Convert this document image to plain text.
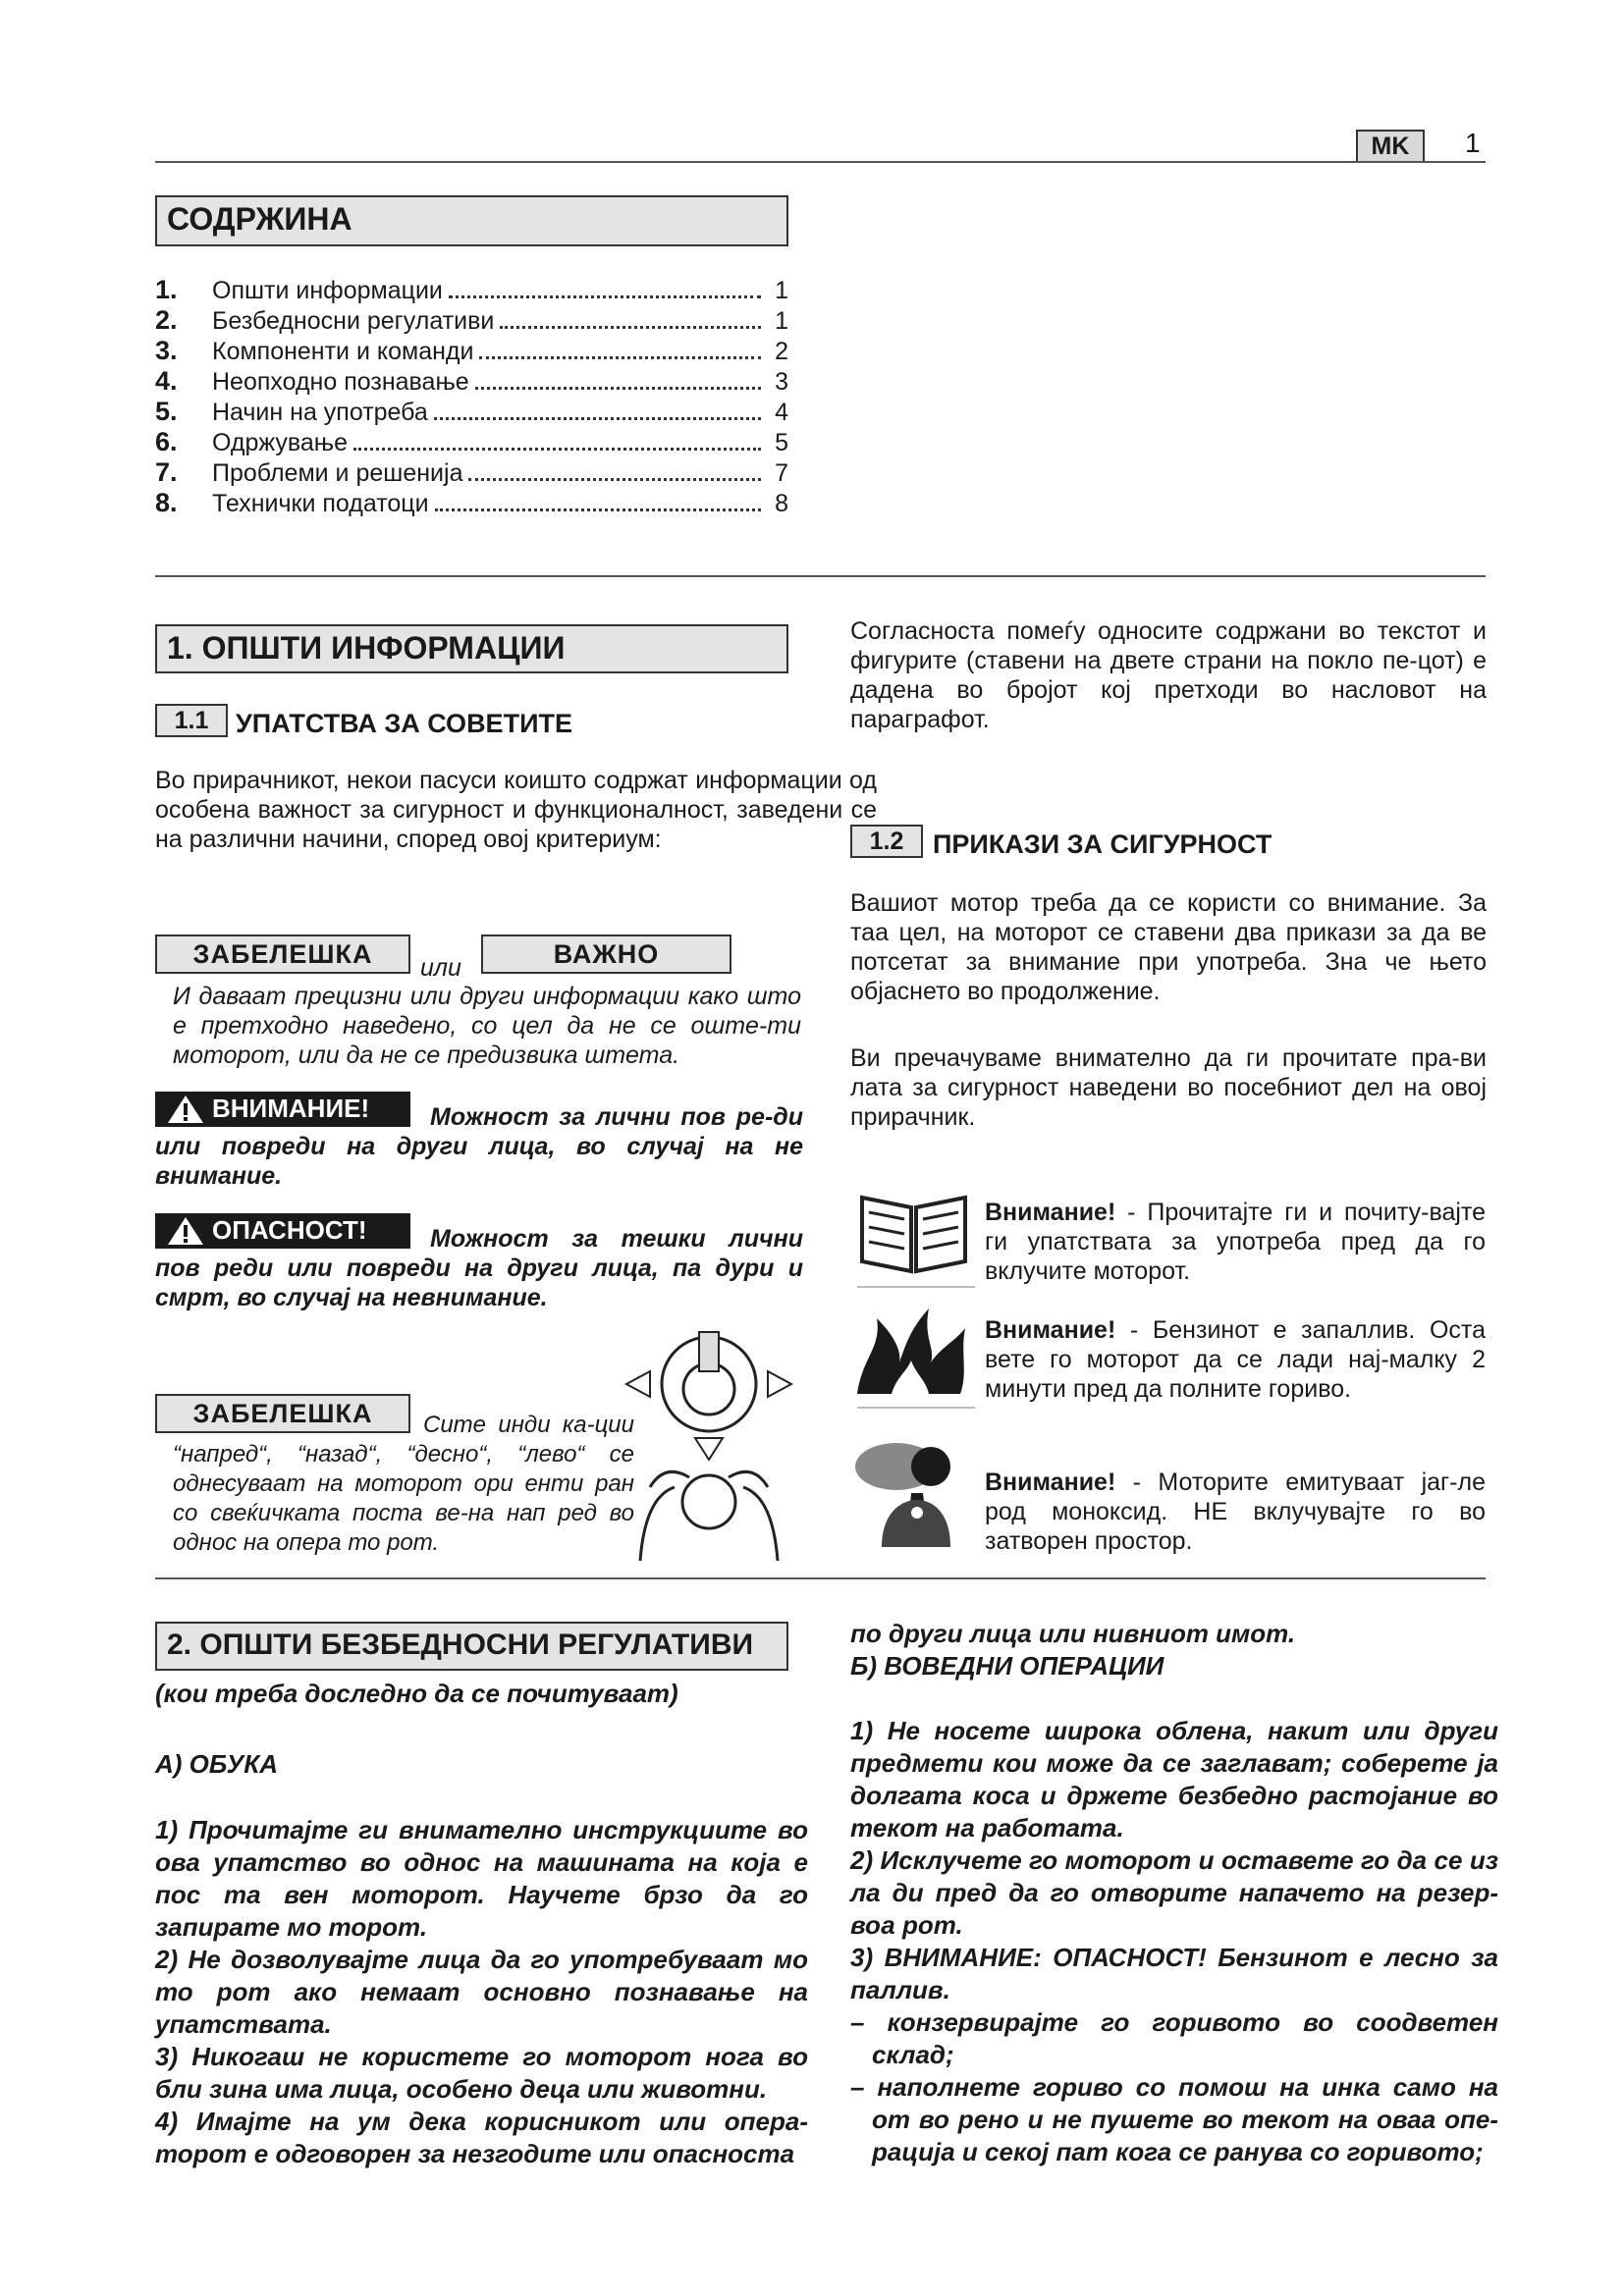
MK	1
СОДРЖИНА
1.	Општи информации	1
2.	Безбедносни регулативи	1
3.	Компоненти и команди	2
4.	Неопходно познавање	3
5.	Начин на употреба	4
6.	Одржување	5
7.	Проблеми и решенија	7
8.	Технички податоци	8
1. ОПШТИ ИНФОРМАЦИИ
1.1	УПАТСТВА ЗА СОВЕТИТЕ
Во прирачникот, некои пасуси коишто содржат информации од особена важност за сигурност и функционалност, заведени се на различни начини, според овој критериум:
ЗАБЕЛЕШКА	или	ВАЖНО
И даваат прецизни или други информации како што е претходно наведено, со цел да не се оште-ти моторот, или да не се предизвика штета.
ВНИМАНИЕ!	Можност за лични пов ре-ди или повреди на други лица, во случај на не внимание.
ОПАСНОСТ!	Можност за тешки лични пов реди или повреди на други лица, па дури и смрт, во случај на невнимание.
ЗАБЕЛЕШКА	Сите инди ка-ции “напред“, “назад“, “десно“, “лево“ се однесуваат на моторот ори енти ран со свеќичката поста ве-на нап ред во однос на опера то рот.
Согласноста помеѓу односите содржани во текстот и фигурите (ставени на двете страни на покло пе-цот) е дадена во бројот кој претходи во насловот на параграфот.
1.2	ПРИКАЗИ ЗА СИГУРНОСТ
Вашиот мотор треба да се користи со внимание. За таа цел, на моторот се ставени два прикази за да ве потсетат за внимание при употреба. Зна че њето објаснето во продолжение.
Ви пречачуваме внимателно да ги прочитате пра-ви лата за сигурност наведени во посебниот дел на овој прирачник.
Внимание! - Прочитајте ги и почиту-вајте ги упатствата за употреба пред да го вклучите моторот.
Внимание! - Бензинот е запаллив. Оста вете го моторот да се лади нај-малку 2 минути пред да полните гориво.
Внимание! - Моторите емитуваат јаг-ле род моноксид. НЕ вклучувајте го во затворен простор.
2. ОПШТИ БЕЗБЕДНОСНИ РЕГУЛАТИВИ
(кои треба доследно да се почитуваат)
А) ОБУКА
1) Прочитајте ги внимателно инструкциите во ова упатство во однос на машината на која е пос та вен моторот. Научете брзо да го запирате мо торот.
2) Не дозволувајте лица да го употребуваат мо то рот ако немаат основно познавање на упатствата.
3) Никогаш не користете го моторот нога во бли зина има лица, особено деца или животни.
4) Имајте на ум дека корисникот или опера-торот е одговорен за незгодите или опасноста
по други лица или нивниот имот.
Б) ВОВЕДНИ ОПЕРАЦИИ
1) Не носете широка облена, накит или други предмети кои може да се заглават; соберете ја долгата коса и држете безбедно растојание во текот на работата.
2) Исклучете го моторот и оставете го да се из ла ди пред да го отворите напачето на резер-воа рот.
3) ВНИМАНИЕ: ОПАСНОСТ! Бензинот е лесно за паллив.
– конзервирајте го горивото во соодветен склад;
– наполнете гориво со помош на инка само на от во рено и не пушете во текот на оваа опе-рација и секој пат кога се ранува со горивото;
